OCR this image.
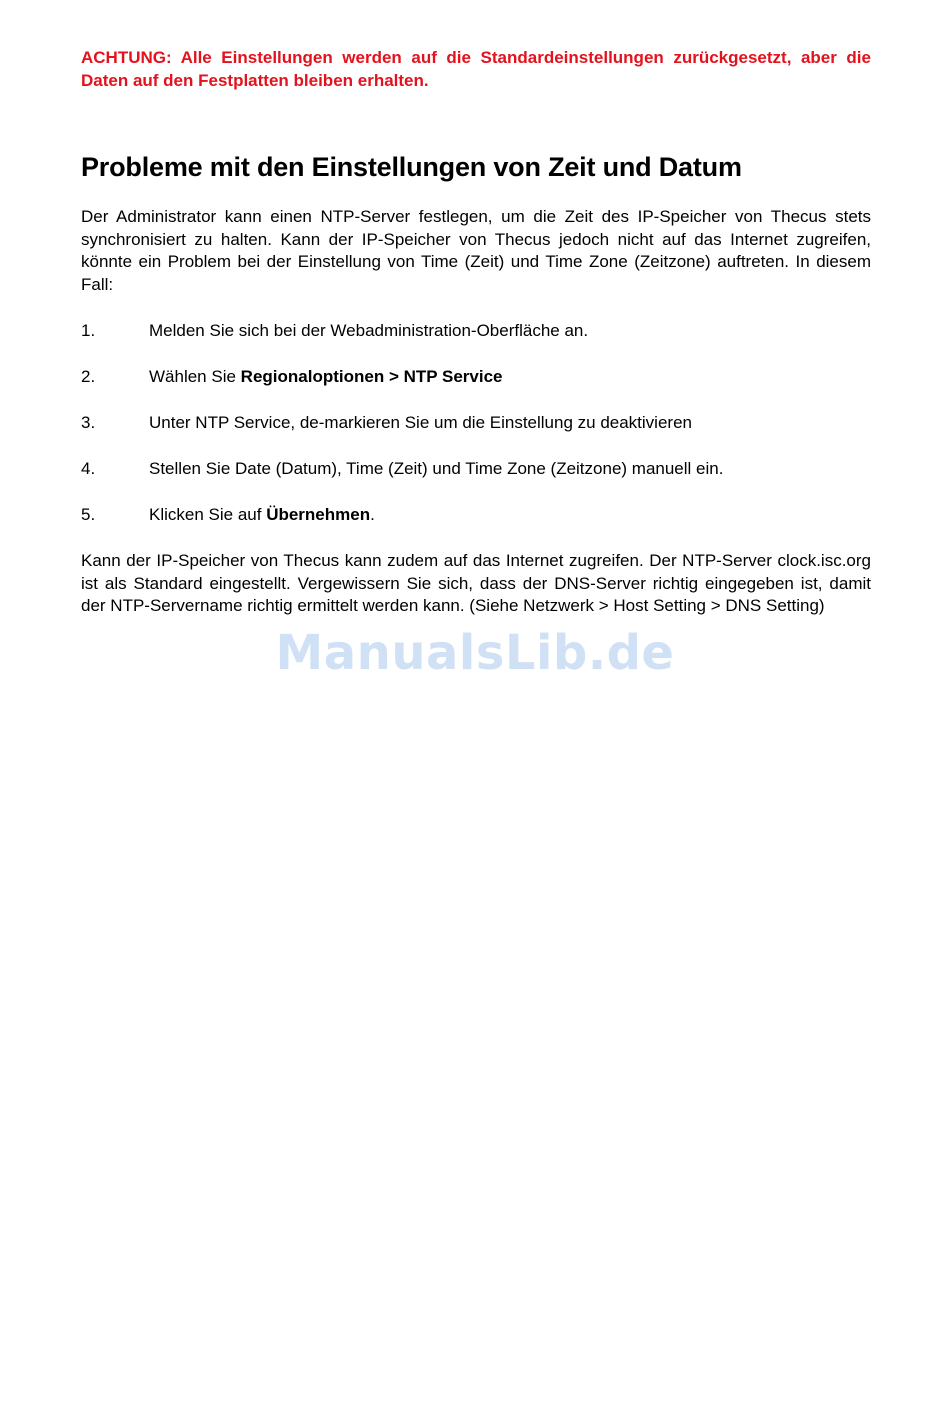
ACHTUNG: Alle Einstellungen werden auf die Standardeinstellungen zurückgesetzt, aber die Daten auf den Festplatten bleiben erhalten.

Probleme mit den Einstellungen von Zeit und Datum

Der Administrator kann einen NTP-Server festlegen, um die Zeit des IP-Speicher von Thecus stets synchronisiert zu halten. Kann der IP-Speicher von Thecus jedoch nicht auf das Internet zugreifen, könnte ein Problem bei der Einstellung von Time (Zeit) und Time Zone (Zeitzone) auftreten. In diesem Fall:

1.	Melden Sie sich bei der Webadministration-Oberfläche an.
2.	Wählen Sie Regionaloptionen > NTP Service
3.	Unter NTP Service, de-markieren Sie um die Einstellung zu deaktivieren
4.	Stellen Sie Date (Datum), Time (Zeit) und Time Zone (Zeitzone) manuell ein.
5.	Klicken Sie auf Übernehmen.

Kann der IP-Speicher von Thecus kann zudem auf das Internet zugreifen. Der NTP-Server clock.isc.org ist als Standard eingestellt. Vergewissern Sie sich, dass der DNS-Server richtig eingegeben ist, damit der NTP-Servername richtig ermittelt werden kann. (Siehe Netzwerk > Host Setting > DNS Setting)

ManualsLib.de
